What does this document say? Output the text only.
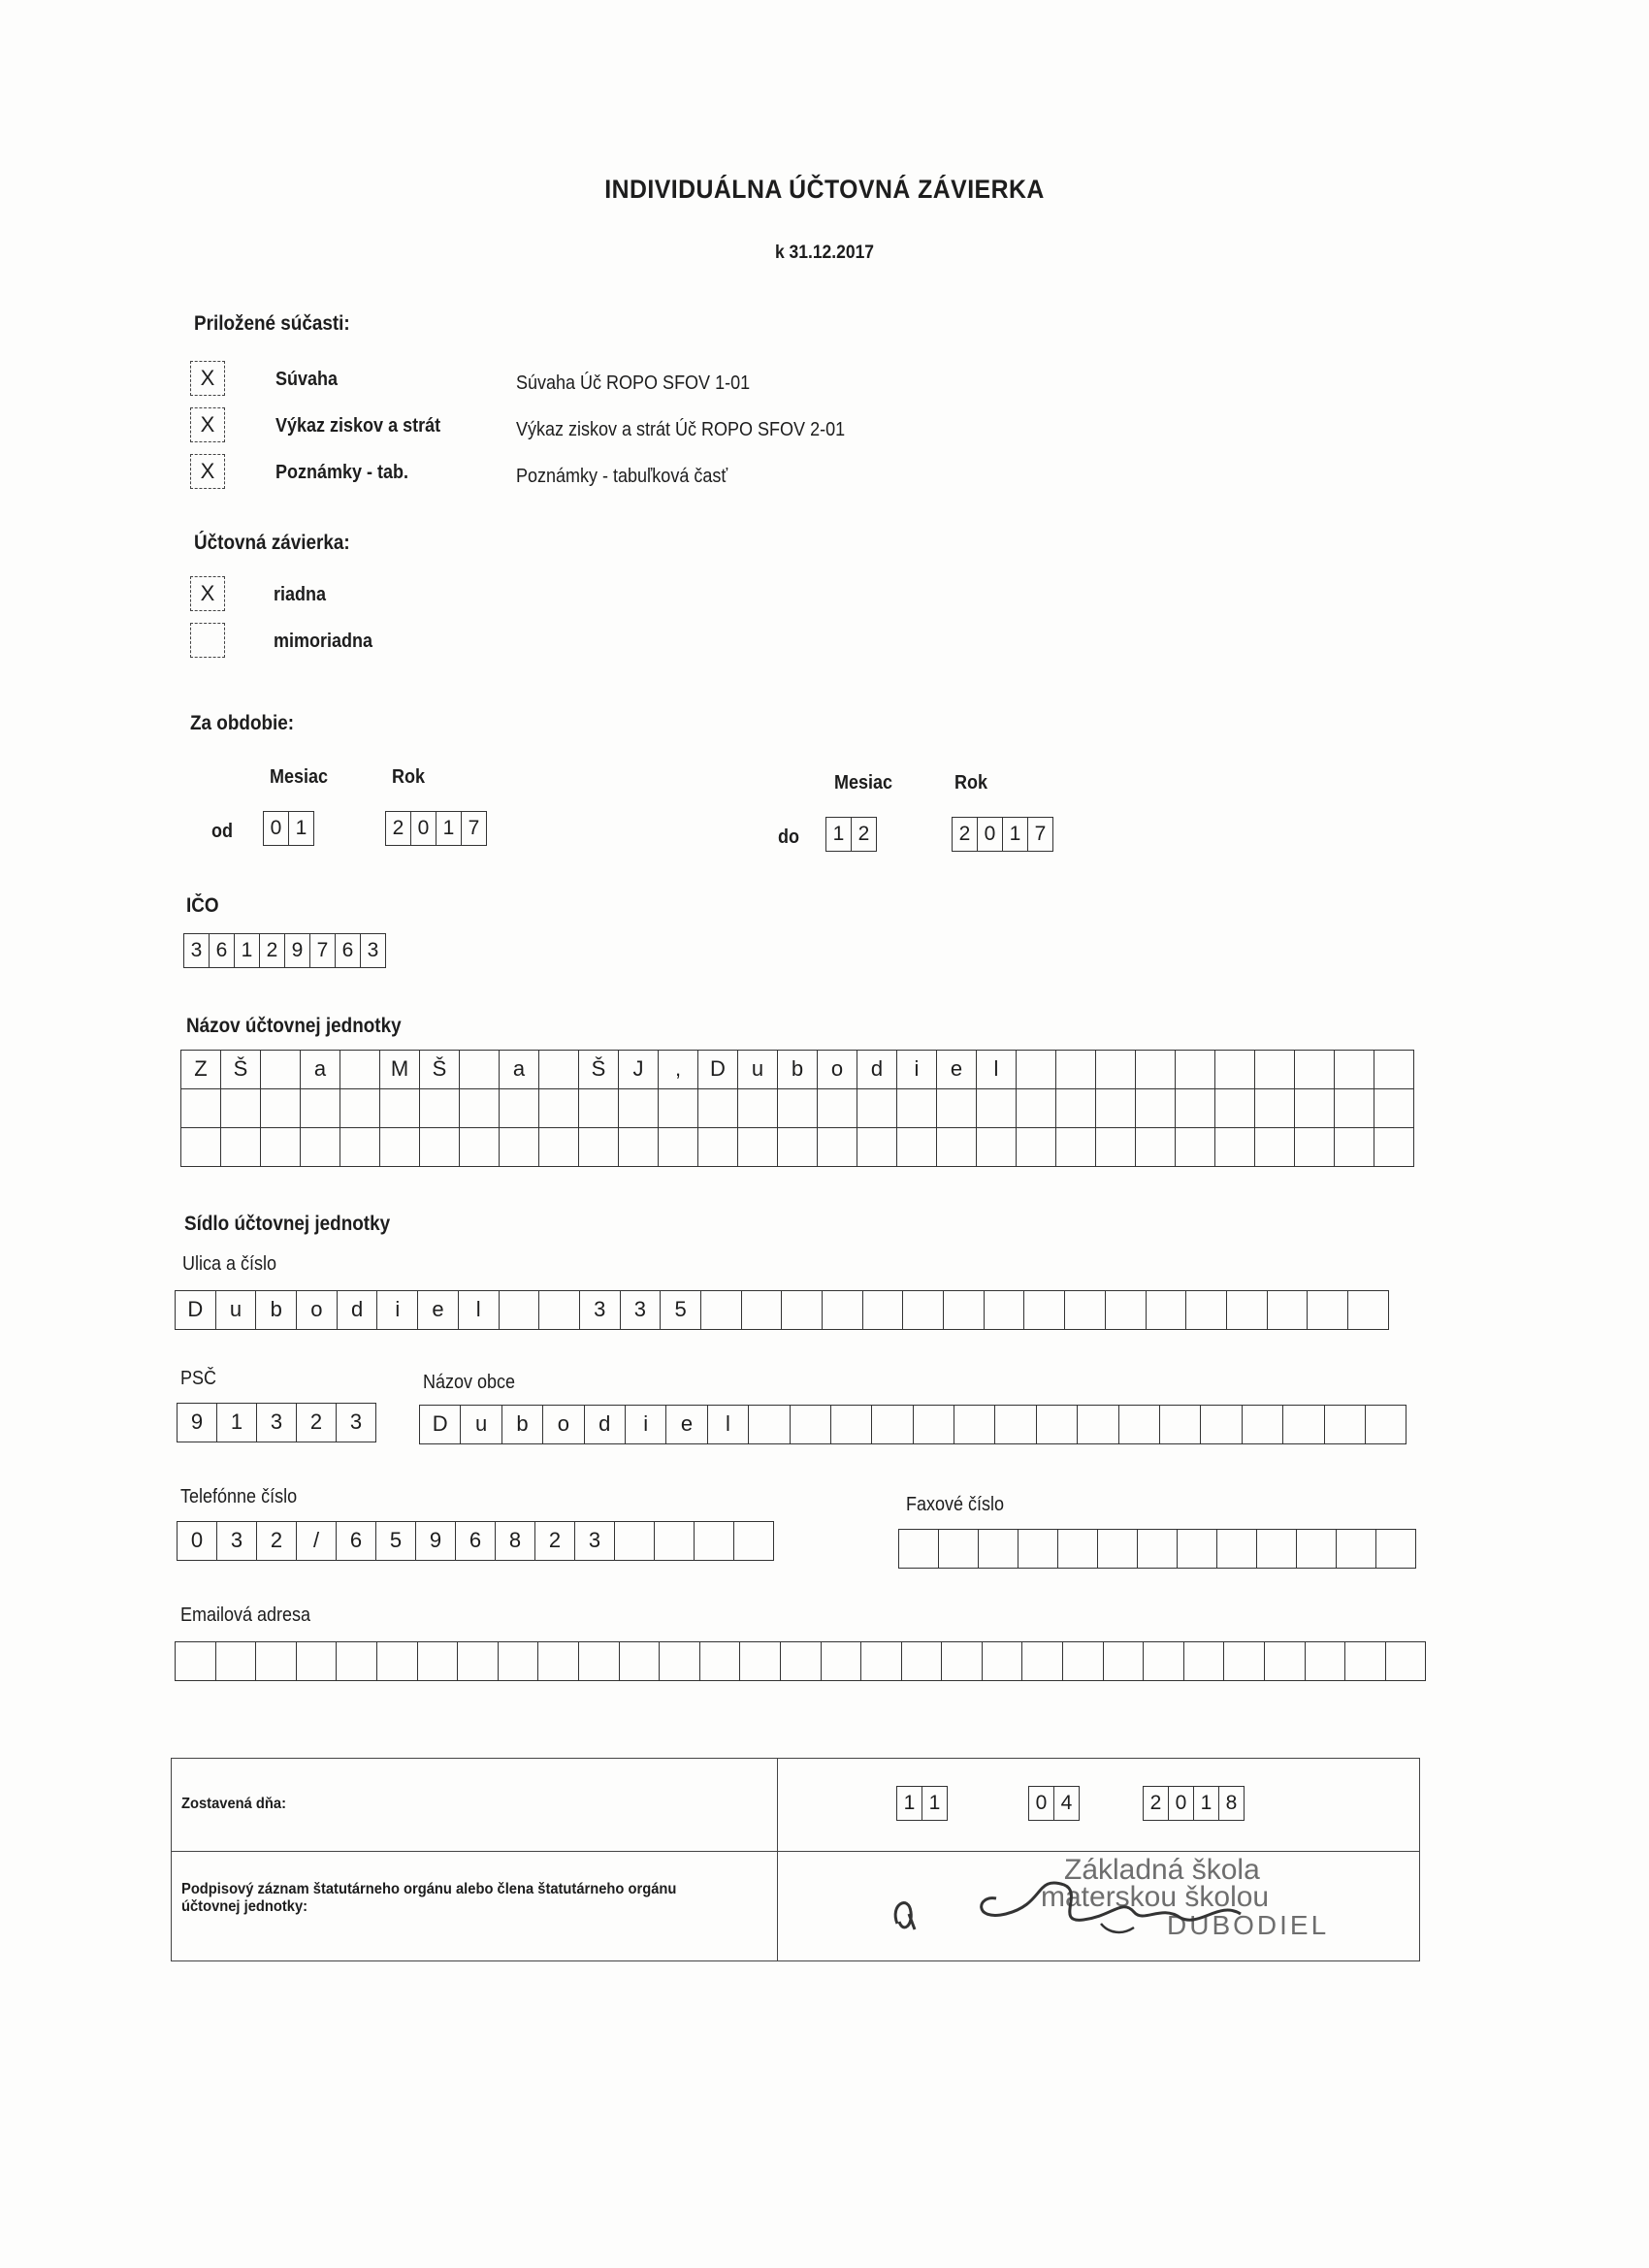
INDIVIDUÁLNA ÚČTOVNÁ ZÁVIERKA
k 31.12.2017
Priložené súčasti:
X	Súvaha	Súvaha Úč ROPO SFOV 1-01
X	Výkaz ziskov a strát	Výkaz ziskov a strát Úč ROPO SFOV 2-01
X	Poznámky - tab.	Poznámky - tabuľková časť
Účtovná závierka:
X	riadna
mimoriadna
Za obdobie:
Mesiac	Rok
od	0 1	2 0 1 7
Mesiac	Rok
do	1 2	2 0 1 7
IČO
3 6 1 2 9 7 6 3
Názov účtovnej jednotky
Z	Š	a	M	Š	a	Š	J	,	D	u	b	o	d	i	e	l
Sídlo účtovnej jednotky
Ulica a číslo
D	u	b	o	d	i	e	l	3	3	5
PSČ
9	1	3	2	3
Názov obce
D	u	b	o	d	i	e	l
Telefónne číslo
0	3	2	/	6	5	9	6	8	2	3
Faxové číslo
Emailová adresa
Zostavená dňa:	1 1	0 4	2 0 1 8
Podpisový záznam štatutárneho orgánu alebo člena štatutárneho orgánu účtovnej jednotky:
Základná škola
materskou školou
DUBODIEL
